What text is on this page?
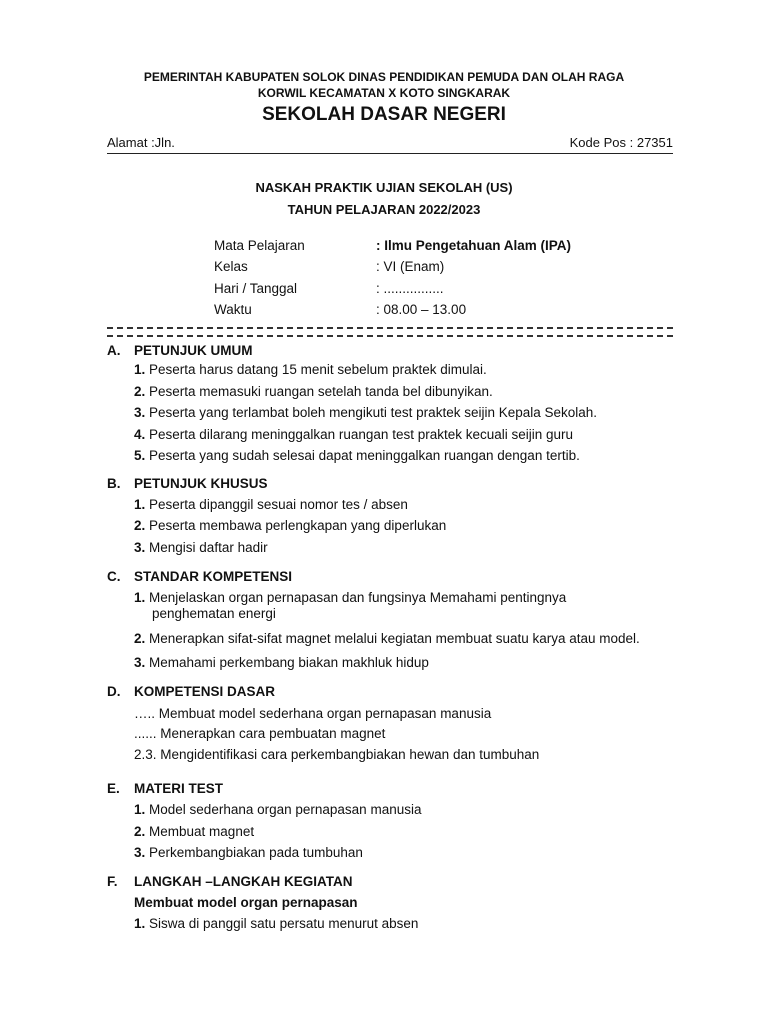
PEMERINTAH KABUPATEN SOLOK DINAS PENDIDIKAN PEMUDA DAN OLAH RAGA
KORWIL KECAMATAN X KOTO SINGKARAK
SEKOLAH DASAR NEGERI
Alamat :Jln.	Kode Pos : 27351
NASKAH PRAKTIK UJIAN SEKOLAH (US)
TAHUN PELAJARAN 2022/2023
Mata Pelajaran	: Ilmu Pengetahuan Alam (IPA)
Kelas	: VI (Enam)
Hari / Tanggal	: ................
Waktu	: 08.00 – 13.00
A. PETUNJUK UMUM
1. Peserta harus datang 15 menit sebelum praktek dimulai.
2. Peserta memasuki ruangan setelah tanda bel dibunyikan.
3. Peserta yang terlambat boleh mengikuti test praktek seijin Kepala Sekolah.
4. Peserta dilarang meninggalkan ruangan test praktek kecuali seijin guru
5. Peserta yang sudah selesai dapat meninggalkan ruangan dengan tertib.
B. PETUNJUK KHUSUS
1. Peserta dipanggil sesuai nomor tes / absen
2. Peserta membawa perlengkapan yang diperlukan
3. Mengisi daftar hadir
C. STANDAR KOMPETENSI
1. Menjelaskan organ pernapasan dan fungsinya Memahami pentingnya
penghematan energi
2. Menerapkan sifat-sifat magnet melalui kegiatan membuat suatu karya atau model.
3. Memahami perkembang biakan makhluk hidup
D. KOMPETENSI DASAR
….. Membuat model sederhana organ pernapasan manusia
...... Menerapkan cara pembuatan magnet
2.3. Mengidentifikasi cara perkembangbiakan hewan dan tumbuhan
E. MATERI TEST
1. Model sederhana organ pernapasan manusia
2. Membuat magnet
3. Perkembangbiakan pada tumbuhan
F. LANGKAH –LANGKAH KEGIATAN
Membuat model organ pernapasan
1. Siswa di panggil satu persatu menurut absen
